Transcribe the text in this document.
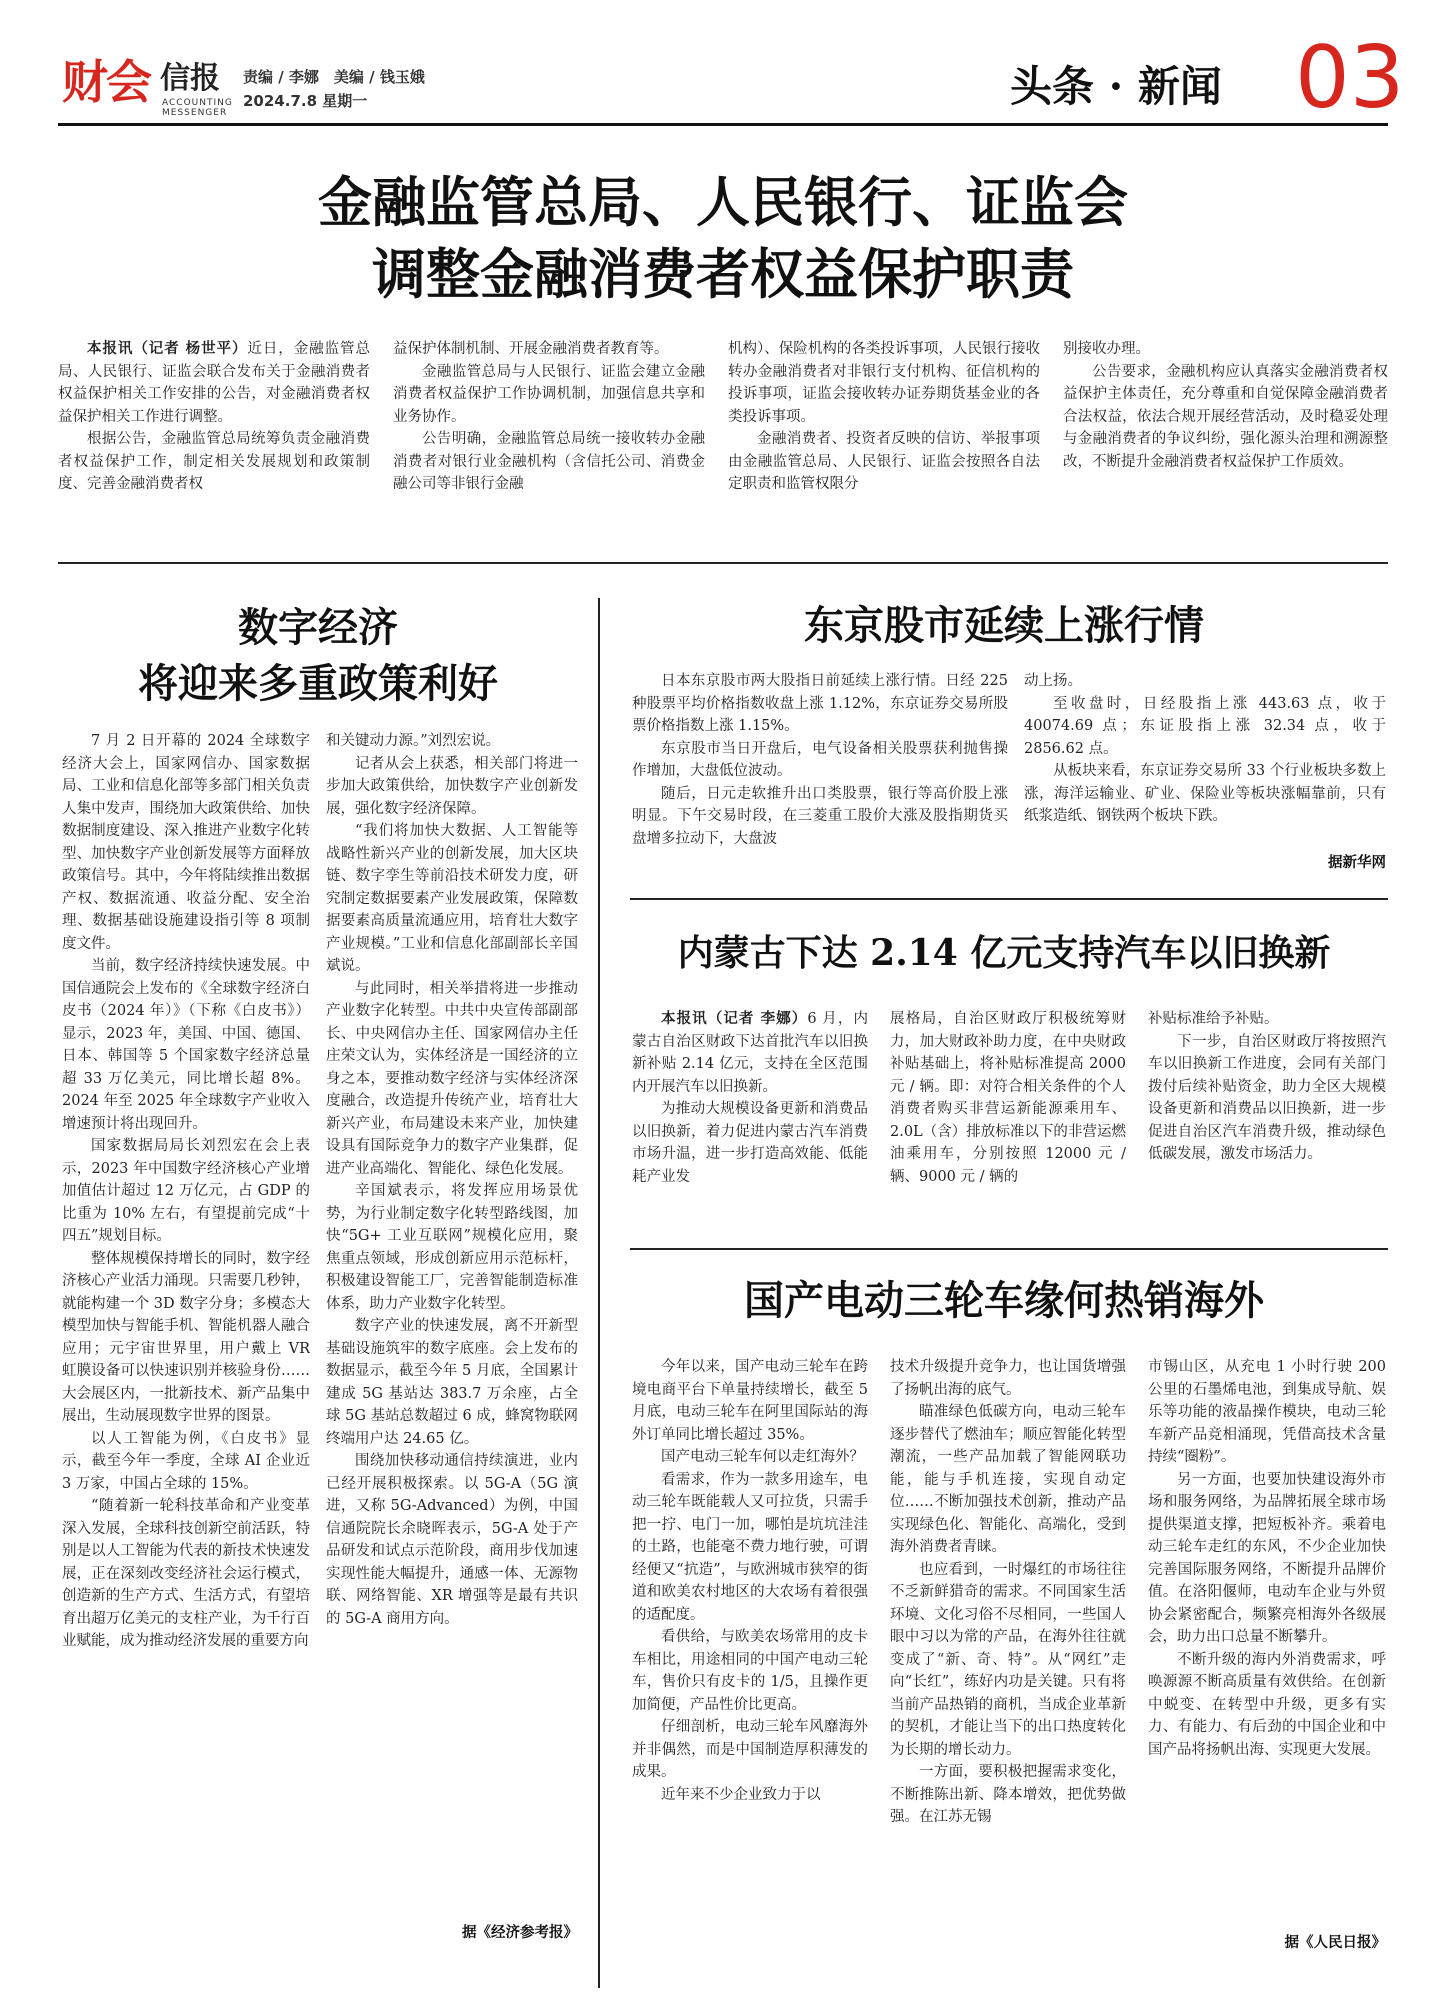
财会 信报
ACCOUNTING
MESSENGER
责编 / 李娜　美编 / 钱玉娥
2024.7.8 星期一	头条 · 新闻 03
金融监管总局、人民银行、证监会
调整金融消费者权益保护职责

本报讯（记者 杨世平）近日，金融监管总局、人民银行、证监会联合发布关于金融消费者权益保护相关工作安排的公告，对金融消费者权益保护相关工作进行调整。

根据公告，金融监管总局统筹负责金融消费者权益保护工作，制定相关发展规划和政策制度、完善金融消费者权

益保护体制机制、开展金融消费者教育等。

金融监管总局与人民银行、证监会建立金融消费者权益保护工作协调机制，加强信息共享和业务协作。

公告明确，金融监管总局统一接收转办金融消费者对银行业金融机构（含信托公司、消费金融公司等非银行金融

机构）、保险机构的各类投诉事项，人民银行接收转办金融消费者对非银行支付机构、征信机构的投诉事项，证监会接收转办证券期货基金业的各类投诉事项。

金融消费者、投资者反映的信访、举报事项由金融监管总局、人民银行、证监会按照各自法定职责和监管权限分

别接收办理。

公告要求，金融机构应认真落实金融消费者权益保护主体责任，充分尊重和自觉保障金融消费者合法权益，依法合规开展经营活动，及时稳妥处理与金融消费者的争议纠纷，强化源头治理和溯源整改，不断提升金融消费者权益保护工作质效。

数字经济
将迎来多重政策利好

7 月 2 日开幕的 2024 全球数字经济大会上，国家网信办、国家数据局、工业和信息化部等多部门相关负责人集中发声，围绕加大政策供给、加快数据制度建设、深入推进产业数字化转型、加快数字产业创新发展等方面释放政策信号。其中，今年将陆续推出数据产权、数据流通、收益分配、安全治理、数据基础设施建设指引等 8 项制度文件。

当前，数字经济持续快速发展。中国信通院会上发布的《全球数字经济白皮书（2024 年）》（下称《白皮书》）显示，2023 年，美国、中国、德国、日本、韩国等 5 个国家数字经济总量超 33 万亿美元，同比增长超 8%。2024 年至 2025 年全球数字产业收入增速预计将出现回升。

国家数据局局长刘烈宏在会上表示，2023 年中国数字经济核心产业增加值估计超过 12 万亿元，占 GDP 的比重为 10% 左右，有望提前完成“十四五”规划目标。

整体规模保持增长的同时，数字经济核心产业活力涌现。只需要几秒钟，就能构建一个 3D 数字分身；多模态大模型加快与智能手机、智能机器人融合应用；元宇宙世界里，用户戴上 VR 虹膜设备可以快速识别并核验身份……大会展区内，一批新技术、新产品集中展出，生动展现数字世界的图景。

以人工智能为例，《白皮书》显示，截至今年一季度，全球 AI 企业近 3 万家，中国占全球的 15%。

“随着新一轮科技革命和产业变革深入发展，全球科技创新空前活跃，特别是以人工智能为代表的新技术快速发展，正在深刻改变经济社会运行模式，创造新的生产方式、生活方式，有望培育出超万亿美元的支柱产业，为千行百业赋能，成为推动经济发展的重要方向

和关键动力源。”刘烈宏说。

记者从会上获悉，相关部门将进一步加大政策供给，加快数字产业创新发展，强化数字经济保障。

“我们将加快大数据、人工智能等战略性新兴产业的创新发展，加大区块链、数字孪生等前沿技术研发力度，研究制定数据要素产业发展政策，保障数据要素高质量流通应用，培育壮大数字产业规模。”工业和信息化部副部长辛国斌说。

与此同时，相关举措将进一步推动产业数字化转型。中共中央宣传部副部长、中央网信办主任、国家网信办主任庄荣文认为，实体经济是一国经济的立身之本，要推动数字经济与实体经济深度融合，改造提升传统产业，培育壮大新兴产业，布局建设未来产业，加快建设具有国际竞争力的数字产业集群，促进产业高端化、智能化、绿色化发展。

辛国斌表示，将发挥应用场景优势，为行业制定数字化转型路线图，加快“5G+ 工业互联网”规模化应用，聚焦重点领域，形成创新应用示范标杆，积极建设智能工厂，完善智能制造标准体系，助力产业数字化转型。

数字产业的快速发展，离不开新型基础设施筑牢的数字底座。会上发布的数据显示，截至今年 5 月底，全国累计建成 5G 基站达 383.7 万余座，占全球 5G 基站总数超过 6 成，蜂窝物联网终端用户达 24.65 亿。

围绕加快移动通信持续演进，业内已经开展积极探索。以 5G-A（5G 演进，又称 5G-Advanced）为例，中国信通院院长余晓晖表示，5G-A 处于产品研发和试点示范阶段，商用步伐加速实现性能大幅提升，通感一体、无源物联、网络智能、XR 增强等是最有共识的 5G-A 商用方向。

据《经济参考报》
东京股市延续上涨行情

日本东京股市两大股指日前延续上涨行情。日经 225 种股票平均价格指数收盘上涨 1.12%，东京证券交易所股票价格指数上涨 1.15%。

东京股市当日开盘后，电气设备相关股票获利抛售操作增加，大盘低位波动。

随后，日元走软推升出口类股票，银行等高价股上涨明显。下午交易时段，在三菱重工股价大涨及股指期货买盘增多拉动下，大盘波

动上扬。

至收盘时，日经股指上涨 443.63 点，收于 40074.69 点；东证股指上涨 32.34 点，收于 2856.62 点。

从板块来看，东京证券交易所 33 个行业板块多数上涨，海洋运输业、矿业、保险业等板块涨幅靠前，只有纸浆造纸、钢铁两个板块下跌。

据新华网
内蒙古下达 2.14 亿元支持汽车以旧换新

本报讯（记者 李娜）6 月，内蒙古自治区财政下达首批汽车以旧换新补贴 2.14 亿元，支持在全区范围内开展汽车以旧换新。

为推动大规模设备更新和消费品以旧换新，着力促进内蒙古汽车消费市场升温，进一步打造高效能、低能耗产业发

展格局，自治区财政厅积极统筹财力，加大财政补助力度，在中央财政补贴基础上，将补贴标准提高 2000 元 / 辆。即：对符合相关条件的个人消费者购买非营运新能源乘用车、2.0L（含）排放标准以下的非营运燃油乘用车，分别按照 12000 元 / 辆、9000 元 / 辆的

补贴标准给予补贴。

下一步，自治区财政厅将按照汽车以旧换新工作进度，会同有关部门拨付后续补贴资金，助力全区大规模设备更新和消费品以旧换新，进一步促进自治区汽车消费升级，推动绿色低碳发展，激发市场活力。

国产电动三轮车缘何热销海外

今年以来，国产电动三轮车在跨境电商平台下单量持续增长，截至 5 月底，电动三轮车在阿里国际站的海外订单同比增长超过 35%。

国产电动三轮车何以走红海外？

看需求，作为一款多用途车，电动三轮车既能载人又可拉货，只需手把一拧、电门一加，哪怕是坑坑洼洼的土路，也能毫不费力地行驶，可谓经便又“抗造”，与欧洲城市狭窄的街道和欧美农村地区的大农场有着很强的适配度。

看供给，与欧美农场常用的皮卡车相比，用途相同的中国产电动三轮车，售价只有皮卡的 1/5，且操作更加简便，产品性价比更高。

仔细剖析，电动三轮车风靡海外并非偶然，而是中国制造厚积薄发的成果。

近年来不少企业致力于以

技术升级提升竞争力，也让国货增强了扬帆出海的底气。

瞄准绿色低碳方向，电动三轮车逐步替代了燃油车；顺应智能化转型潮流，一些产品加载了智能网联功能，能与手机连接，实现自动定位……不断加强技术创新，推动产品实现绿色化、智能化、高端化，受到海外消费者青睐。

也应看到，一时爆红的市场往往不乏新鲜猎奇的需求。不同国家生活环境、文化习俗不尽相同，一些国人眼中习以为常的产品，在海外往往就变成了“新、奇、特”。从“网红”走向“长红”，练好内功是关键。只有将当前产品热销的商机，当成企业革新的契机，才能让当下的出口热度转化为长期的增长动力。

一方面，要积极把握需求变化，不断推陈出新、降本增效，把优势做强。在江苏无锡

市锡山区，从充电 1 小时行驶 200 公里的石墨烯电池，到集成导航、娱乐等功能的液晶操作模块，电动三轮车新产品竞相涌现，凭借高技术含量持续“圈粉”。

另一方面，也要加快建设海外市场和服务网络，为品牌拓展全球市场提供渠道支撑，把短板补齐。乘着电动三轮车走红的东风，不少企业加快完善国际服务网络，不断提升品牌价值。在洛阳偃师，电动车企业与外贸协会紧密配合，频繁亮相海外各级展会，助力出口总量不断攀升。

不断升级的海内外消费需求，呼唤源源不断高质量有效供给。在创新中蜕变、在转型中升级，更多有实力、有能力、有后劲的中国企业和中国产品将扬帆出海、实现更大发展。

据《人民日报》
